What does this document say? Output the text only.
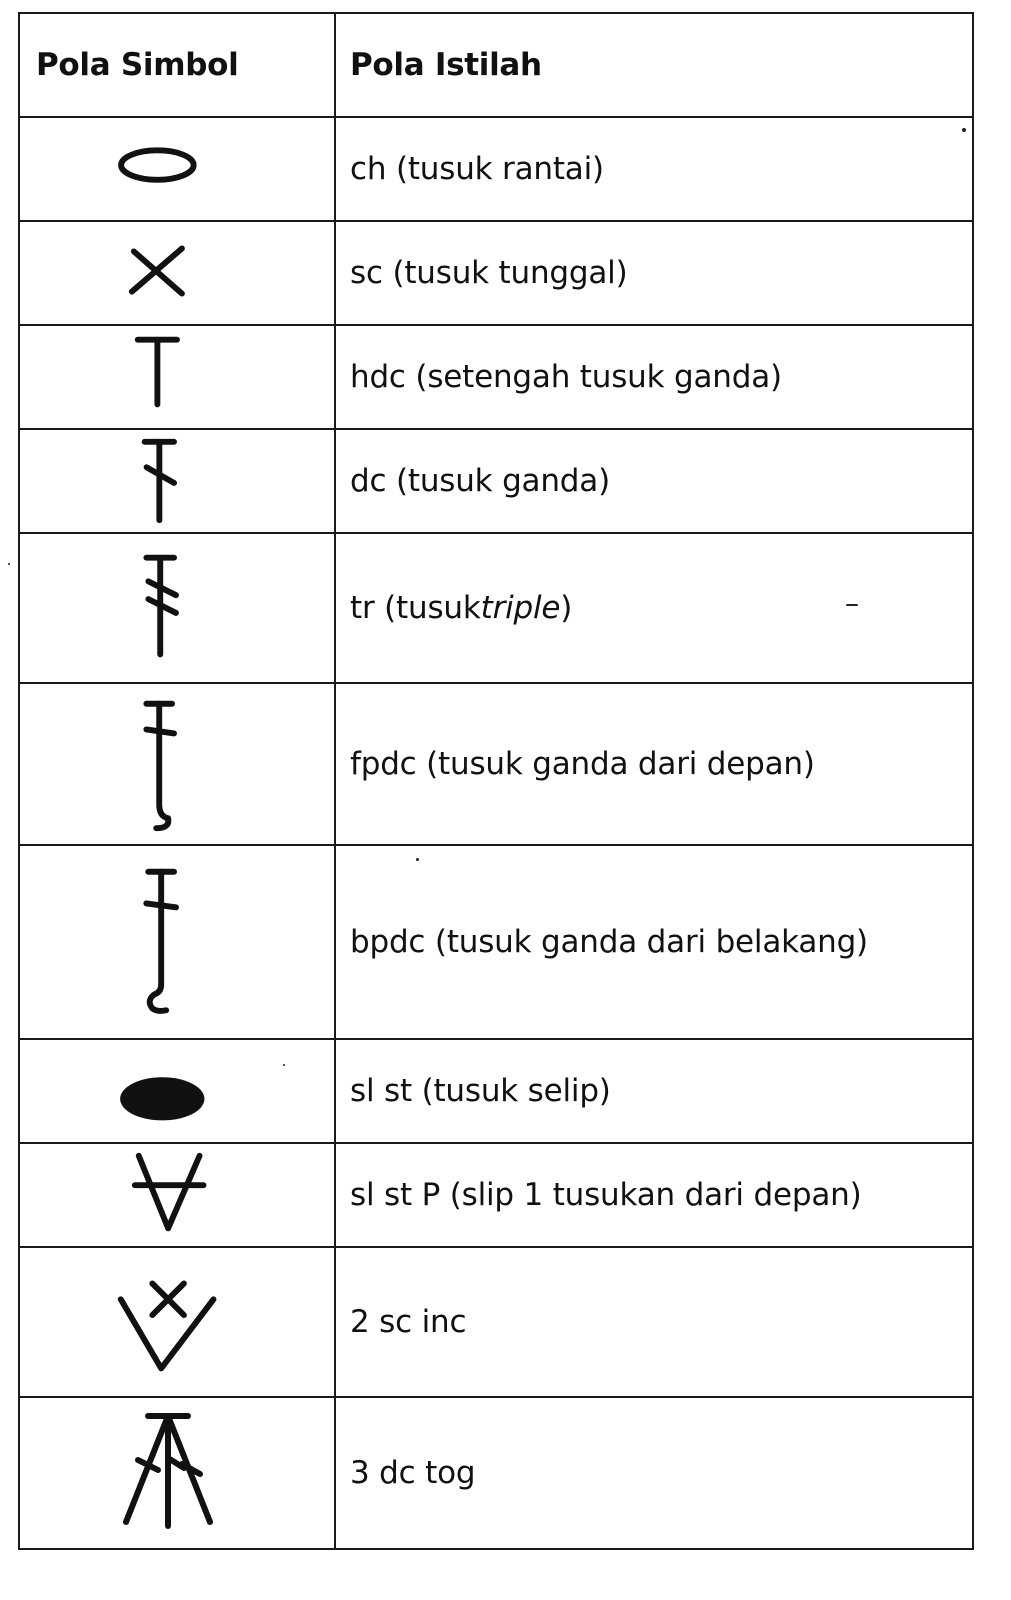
Pola Simbol	Pola Istilah
ch (tusuk rantai)
sc (tusuk tunggal)
hdc (setengah tusuk ganda)
dc (tusuk ganda)
tr (tusuk triple )
fpdc (tusuk ganda dari depan)
bpdc (tusuk ganda dari belakang)
sl st (tusuk selip)
sl st P (slip 1 tusukan dari depan)
2 sc inc
3 dc tog
